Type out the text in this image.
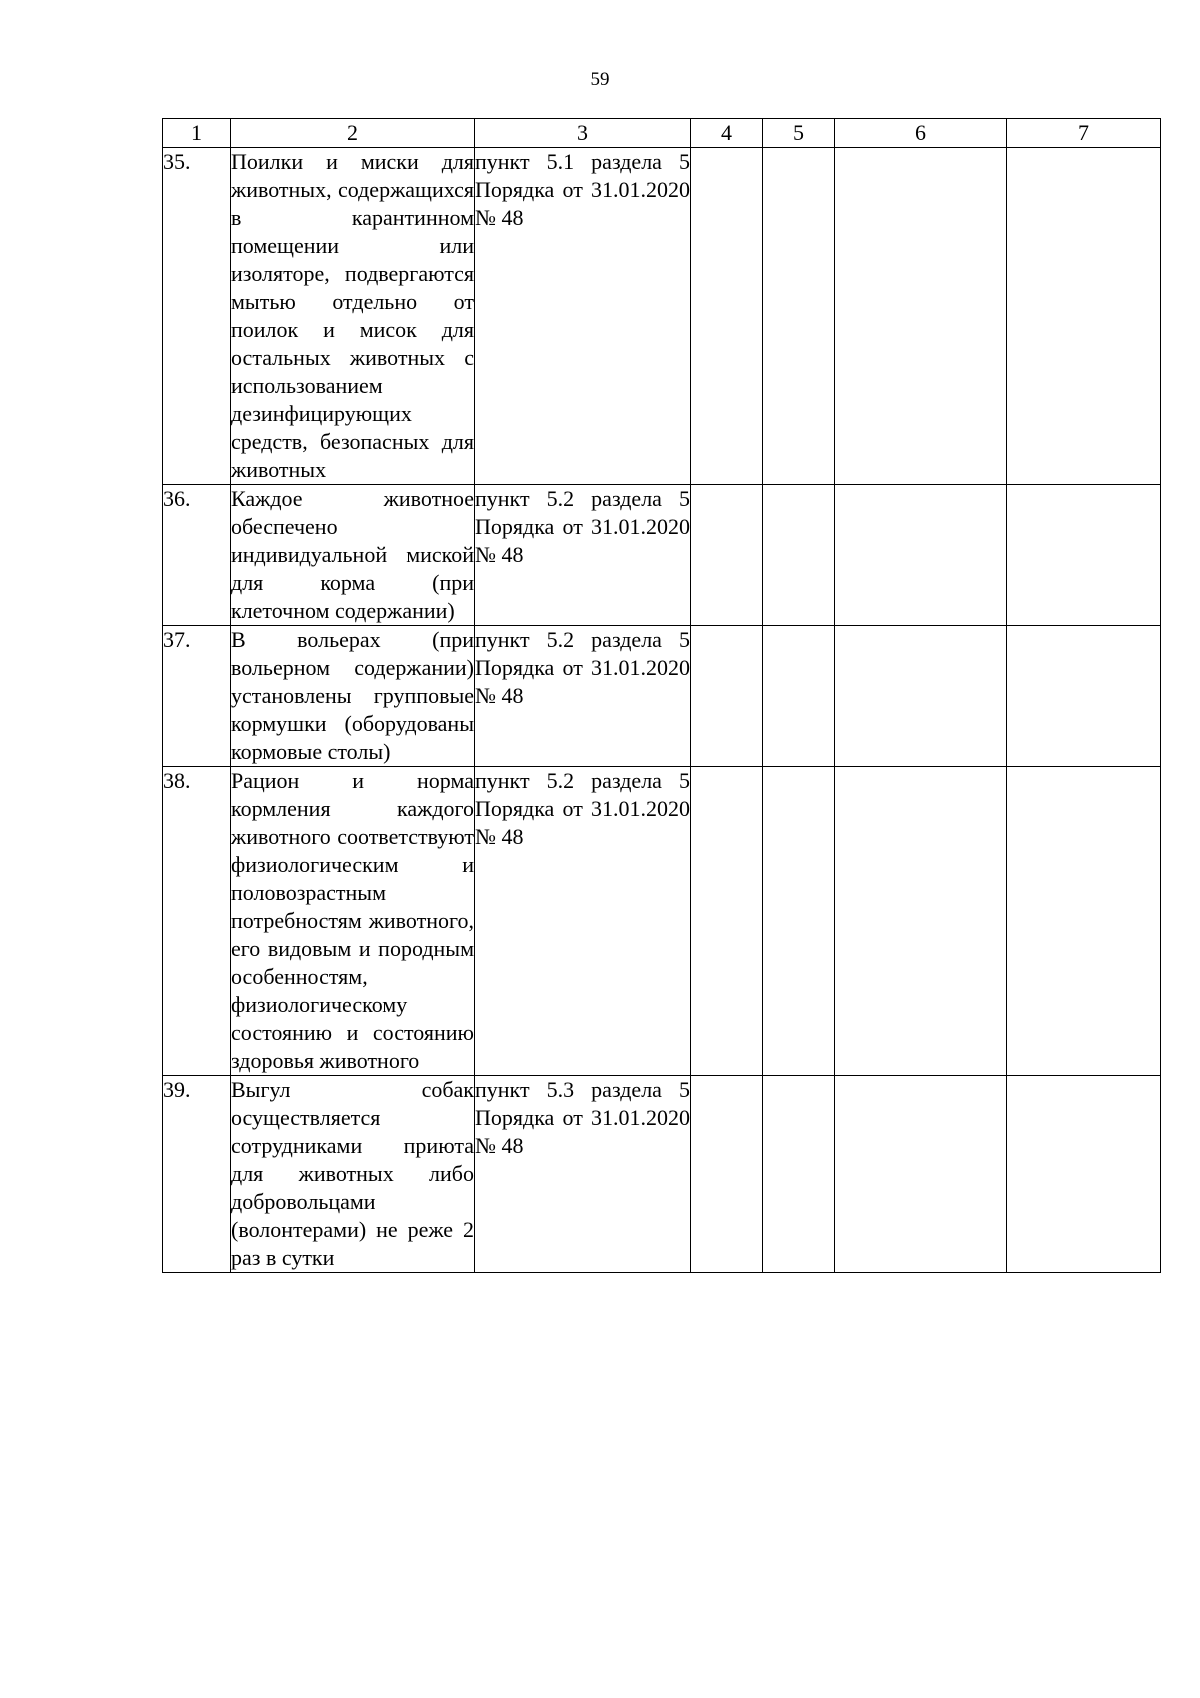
59
1	2	3	4	5	6	7
35.	Поилки и миски для животных, содержащихся в карантинном помещении или изоляторе, подвергаются мытью отдельно от поилок и мисок для остальных животных с использованием дезинфицирующих средств, безопасных для животных	пункт 5.1 раздела 5 Порядка от 31.01.2020 № 48				
36.	Каждое животное обеспечено индивидуальной миской для корма (при клеточном содержании)	пункт 5.2 раздела 5 Порядка от 31.01.2020 № 48				
37.	В вольерах (при вольерном содержании) установлены групповые кормушки (оборудованы кормовые столы)	пункт 5.2 раздела 5 Порядка от 31.01.2020 № 48				
38.	Рацион и норма кормления каждого животного соответствуют физиологическим и половозрастным потребностям животного, его видовым и породным особенностям, физиологическому состоянию и состоянию здоровья животного	пункт 5.2 раздела 5 Порядка от 31.01.2020 № 48				
39.	Выгул собак осуществляется сотрудниками приюта для животных либо добровольцами (волонтерами) не реже 2 раз в сутки	пункт 5.3 раздела 5 Порядка от 31.01.2020 № 48				
